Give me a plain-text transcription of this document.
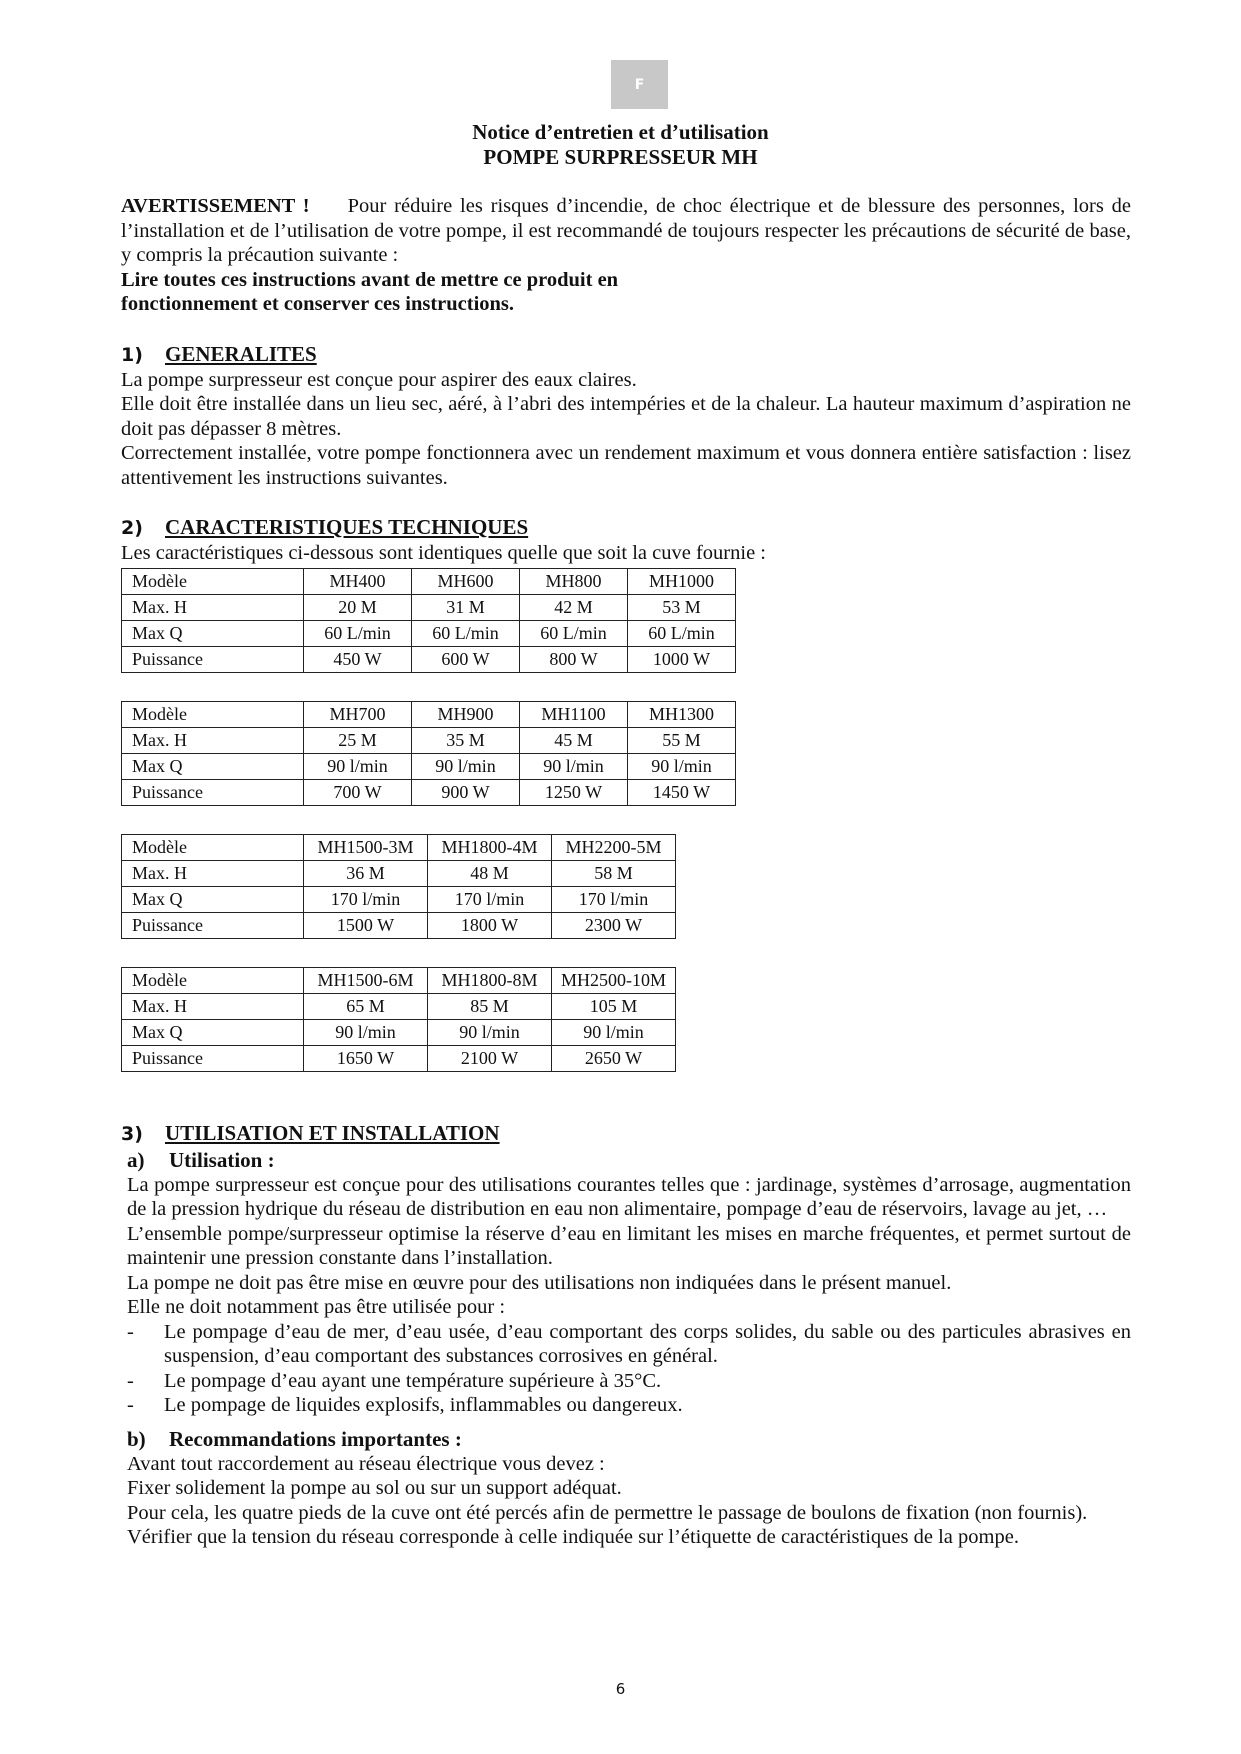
F
Notice d’entretien et d’utilisation
POMPE SURPRESSEUR MH

AVERTISSEMENT ! Pour réduire les risques d’incendie, de choc électrique et de blessure des personnes, lors de l’installation et de l’utilisation de votre pompe, il est recommandé de toujours respecter les précautions de sécurité de base, y compris la précaution suivante :

Lire toutes ces instructions avant de mettre ce produit en

fonctionnement et conserver ces instructions.

1) GENERALITES

La pompe surpresseur est conçue pour aspirer des eaux claires.

Elle doit être installée dans un lieu sec, aéré, à l’abri des intempéries et de la chaleur. La hauteur maximum d’aspiration ne doit pas dépasser 8 mètres.

Correctement installée, votre pompe fonctionnera avec un rendement maximum et vous donnera entière satisfaction : lisez attentivement les instructions suivantes.

2) CARACTERISTIQUES TECHNIQUES

Les caractéristiques ci-dessous sont identiques quelle que soit la cuve fournie :

Modèle	MH400	MH600	MH800	MH1000
Max. H	20 M	31 M	42 M	53 M
Max Q	60 L/min	60 L/min	60 L/min	60 L/min
Puissance	450 W	600 W	800 W	1000 W
Modèle	MH700	MH900	MH1100	MH1300
Max. H	25 M	35 M	45 M	55 M
Max Q	90 l/min	90 l/min	90 l/min	90 l/min
Puissance	700 W	900 W	1250 W	1450 W
Modèle	MH1500-3M	MH1800-4M	MH2200-5M
Max. H	36 M	48 M	58 M
Max Q	170 l/min	170 l/min	170 l/min
Puissance	1500 W	1800 W	2300 W
Modèle	MH1500-6M	MH1800-8M	MH2500-10M
Max. H	65 M	85 M	105 M
Max Q	90 l/min	90 l/min	90 l/min
Puissance	1650 W	2100 W	2650 W
3) UTILISATION ET INSTALLATION
a) Utilisation :

La pompe surpresseur est conçue pour des utilisations courantes telles que : jardinage, systèmes d’arrosage, augmentation de la pression hydrique du réseau de distribution en eau non alimentaire, pompage d’eau de réservoirs, lavage au jet, …

L’ensemble pompe/surpresseur optimise la réserve d’eau en limitant les mises en marche fréquentes, et permet surtout de maintenir une pression constante dans l’installation.

La pompe ne doit pas être mise en œuvre pour des utilisations non indiquées dans le présent manuel.

Elle ne doit notamment pas être utilisée pour :

- Le pompage d’eau de mer, d’eau usée, d’eau comportant des corps solides, du sable ou des particules abrasives en suspension, d’eau comportant des substances corrosives en général.
- Le pompage d’eau ayant une température supérieure à 35°C.
- Le pompage de liquides explosifs, inflammables ou dangereux.
b) Recommandations importantes :

Avant tout raccordement au réseau électrique vous devez :

Fixer solidement la pompe au sol ou sur un support adéquat.

Pour cela, les quatre pieds de la cuve ont été percés afin de permettre le passage de boulons de fixation (non fournis).

Vérifier que la tension du réseau corresponde à celle indiquée sur l’étiquette de caractéristiques de la pompe.

6
